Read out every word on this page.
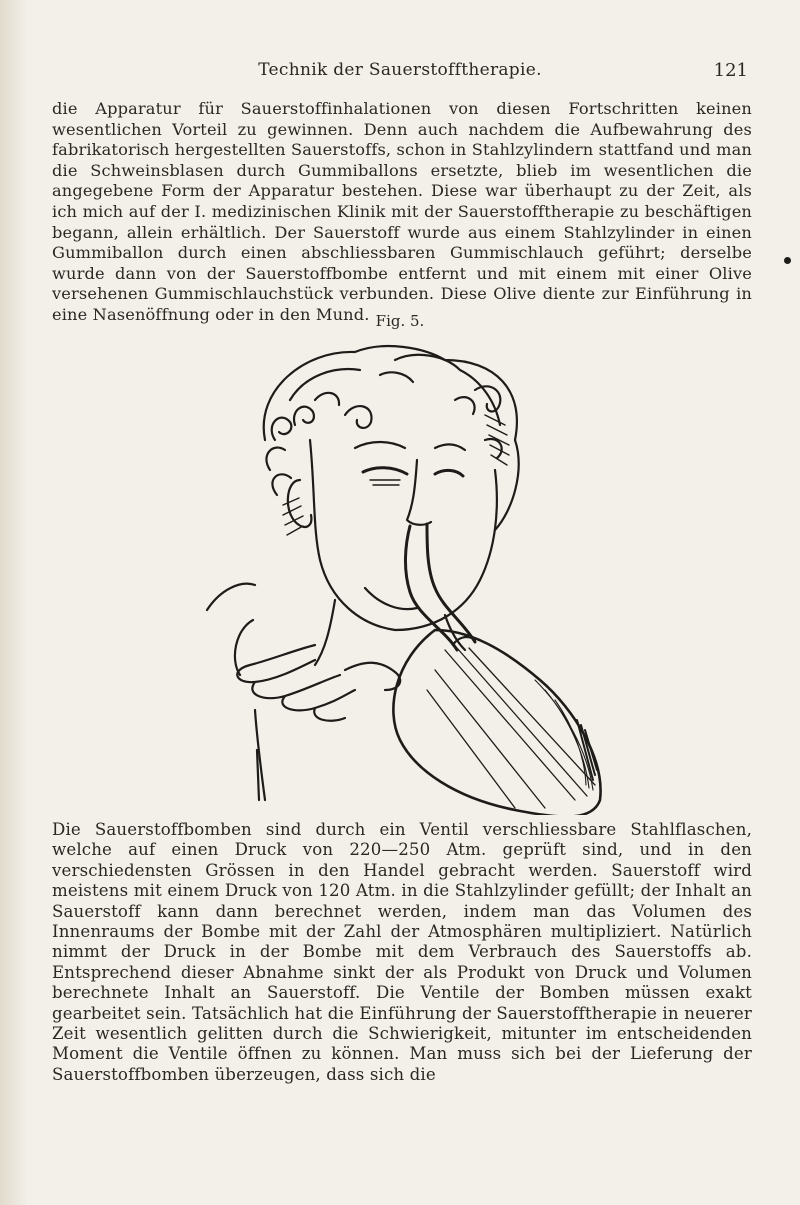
Technik der Sauerstofftherapie.	121

die Apparatur für Sauerstoffinhalationen von diesen Fortschritten keinen wesentlichen Vorteil zu gewinnen. Denn auch nachdem die Aufbewahrung des fabrikatorisch hergestellten Sauerstoffs, schon in Stahlzylindern stattfand und man die Schweinsblasen durch Gummiballons ersetzte, blieb im wesentlichen die angegebene Form der Apparatur bestehen. Diese war überhaupt zu der Zeit, als ich mich auf der I. medizinischen Klinik mit der Sauerstofftherapie zu beschäftigen begann, allein erhältlich. Der Sauerstoff wurde aus einem Stahlzylinder in einen Gummiballon durch einen abschliessbaren Gummischlauch geführt; derselbe wurde dann von der Sauerstoffbombe entfernt und mit einem mit einer Olive versehenen Gummischlauchstück verbunden. Diese Olive diente zur Einführung in eine Nasenöffnung oder in den Mund. Fig. 5.

Die Sauerstoffbomben sind durch ein Ventil verschliessbare Stahlflaschen, welche auf einen Druck von 220—250 Atm. geprüft sind, und in den verschiedensten Grössen in den Handel gebracht werden. Sauerstoff wird meistens mit einem Druck von 120 Atm. in die Stahlzylinder gefüllt; der Inhalt an Sauerstoff kann dann berechnet werden, indem man das Volumen des Innenraums der Bombe mit der Zahl der Atmosphären multipliziert. Natürlich nimmt der Druck in der Bombe mit dem Verbrauch des Sauerstoffs ab. Entsprechend dieser Abnahme sinkt der als Produkt von Druck und Volumen berechnete Inhalt an Sauerstoff. Die Ventile der Bomben müssen exakt gearbeitet sein. Tatsächlich hat die Einführung der Sauerstofftherapie in neuerer Zeit wesentlich gelitten durch die Schwierigkeit, mitunter im entscheidenden Moment die Ventile öffnen zu können. Man muss sich bei der Lieferung der Sauerstoffbomben überzeugen, dass sich die
